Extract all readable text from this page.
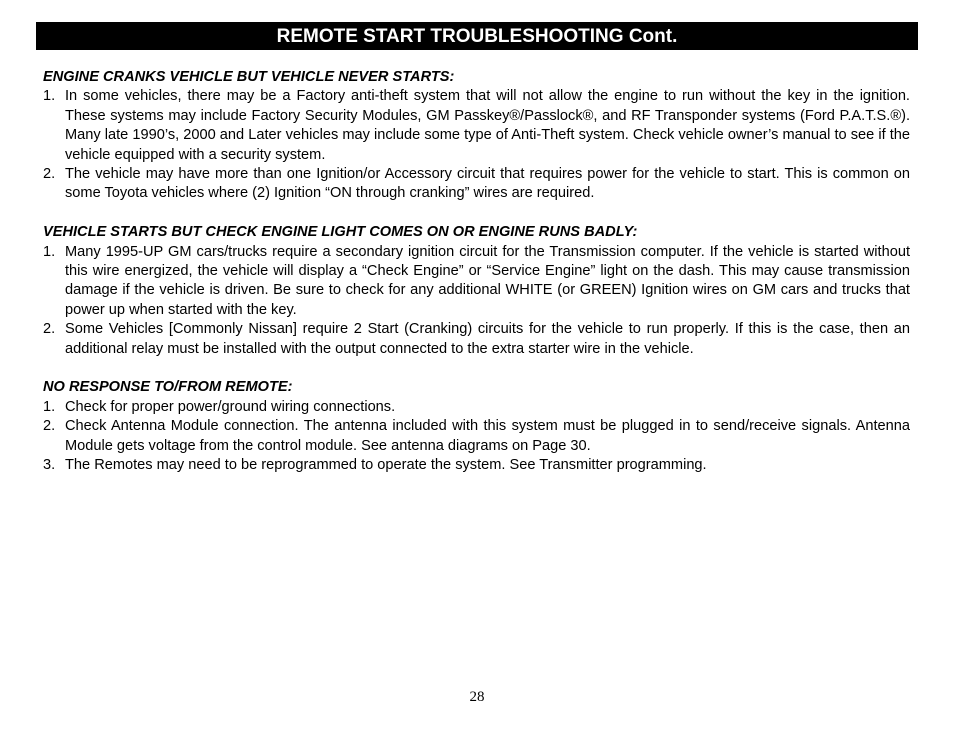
REMOTE START TROUBLESHOOTING Cont.

ENGINE CRANKS VEHICLE BUT VEHICLE NEVER STARTS:

1. In some vehicles, there may be a Factory anti-theft system that will not allow the engine to run without the key in the ignition. These systems may include Factory Security Modules, GM Passkey®/Passlock®, and RF Transponder systems (Ford P.A.T.S.®). Many late 1990’s, 2000 and Later vehicles may include some type of Anti-Theft system. Check vehicle owner’s manual to see if the vehicle equipped with a security system.
2. The vehicle may have more than one Ignition/or Accessory circuit that requires power for the vehicle to start. This is common on some Toyota vehicles where (2) Ignition “ON through cranking” wires are required.

VEHICLE STARTS BUT CHECK ENGINE LIGHT COMES ON OR ENGINE RUNS BADLY:

1. Many 1995-UP GM cars/trucks require a secondary ignition circuit for the Transmission computer. If the vehicle is started without this wire energized, the vehicle will display a “Check Engine” or “Service Engine” light on the dash. This may cause transmission damage if the vehicle is driven. Be sure to check for any additional WHITE (or GREEN) Ignition wires on GM cars and trucks that power up when started with the key.
2. Some Vehicles [Commonly Nissan] require 2 Start (Cranking) circuits for the vehicle to run properly. If this is the case, then an additional relay must be installed with the output connected to the extra starter wire in the vehicle.

NO RESPONSE TO/FROM REMOTE:

1. Check for proper power/ground wiring connections.
2. Check Antenna Module connection. The antenna included with this system must be plugged in to send/receive signals. Antenna Module gets voltage from the control module. See antenna diagrams on Page 30.
3. The Remotes may need to be reprogrammed to operate the system. See Transmitter programming.
28
